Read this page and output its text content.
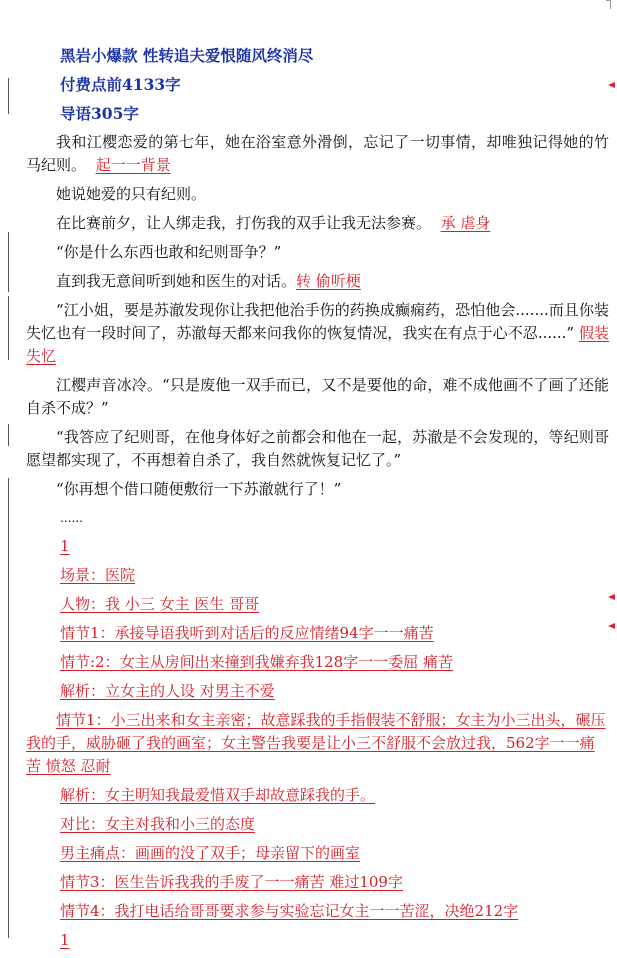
黑岩小爆款 性转追夫爱恨随风终消尽
付费点前4133字
导语305字

我和江樱恋爱的第七年，她在浴室意外滑倒，忘记了一切事情，却唯独记得她的竹马纪则。 起一一背景

她说她爱的只有纪则。

在比赛前夕，让人绑走我，打伤我的双手让我无法参赛。 承 虐身

“你是什么东西也敢和纪则哥争？”

直到我无意间听到她和医生的对话。转 偷听梗

“江小姐，要是苏澈发现你让我把他治手伤的药换成癫痫药，恐怕他会.......而且你装失忆也有一段时间了，苏澈每天都来问我你的恢复情况，我实在有点于心不忍......” 假装失忆

江樱声音冰冷。“只是废他一双手而已，又不是要他的命，难不成他画不了画了还能自杀不成？”

“我答应了纪则哥，在他身体好之前都会和他在一起，苏澈是不会发现的，等纪则哥愿望都实现了，不再想着自杀了，我自然就恢复记忆了。”

“你再想个借口随便敷衍一下苏澈就行了！”

......

1

场景：医院

人物：我 小三 女主 医生 哥哥

情节1：承接导语我听到对话后的反应情绪94字一一痛苦

情节:2：女主从房间出来撞到我嫌弃我128字一一委屈 痛苦

解析：立女主的人设 对男主不爱

情节1：小三出来和女主亲密；故意踩我的手指假装不舒服；女主为小三出头，碾压我的手，威胁砸了我的画室；女主警告我要是让小三不舒服不会放过我，562字一一痛苦 愤怒 忍耐

解析：女主明知我最爱惜双手却故意踩我的手。

对比：女主对我和小三的态度

男主痛点：画画的没了双手；母亲留下的画室

情节3：医生告诉我我的手废了一一痛苦 难过109字

情节4：我打电话给哥哥要求参与实验忘记女主一一苦涩，决绝212字

1
